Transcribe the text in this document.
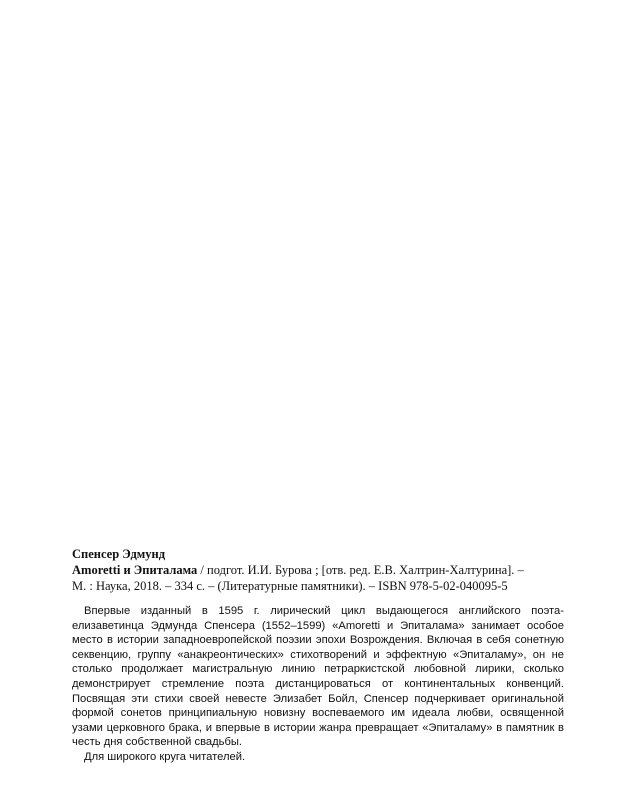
Спенсер Эдмунд

Amoretti и Эпиталама / подгот. И.И. Бурова ; [отв. ред. Е.В. Халтрин-Халтурина]. –
М. : Наука, 2018. – 334 с. – (Литературные памятники). – ISBN 978-5-02-040095-5

Впервые изданный в 1595 г. лирический цикл выдающегося английского поэта-елизаветинца Эдмунда Спенсера (1552–1599) «Amoretti и Эпиталама» занимает особое место в истории западноевропейской поэзии эпохи Возрождения. Включая в себя сонетную секвенцию, группу «анакреонтических» стихотворений и эффектную «Эпиталаму», он не столько продолжает магистральную линию петраркистской любовной лирики, сколько демонстрирует стремление поэта дистанцироваться от континентальных конвенций. Посвящая эти стихи своей невесте Элизабет Бойл, Спенсер подчеркивает оригинальной формой сонетов принципиальную новизну воспеваемого им идеала любви, освященной узами церковного брака, и впервые в истории жанра превращает «Эпиталаму» в памятник в честь дня собственной свадьбы.

Для широкого круга читателей.
